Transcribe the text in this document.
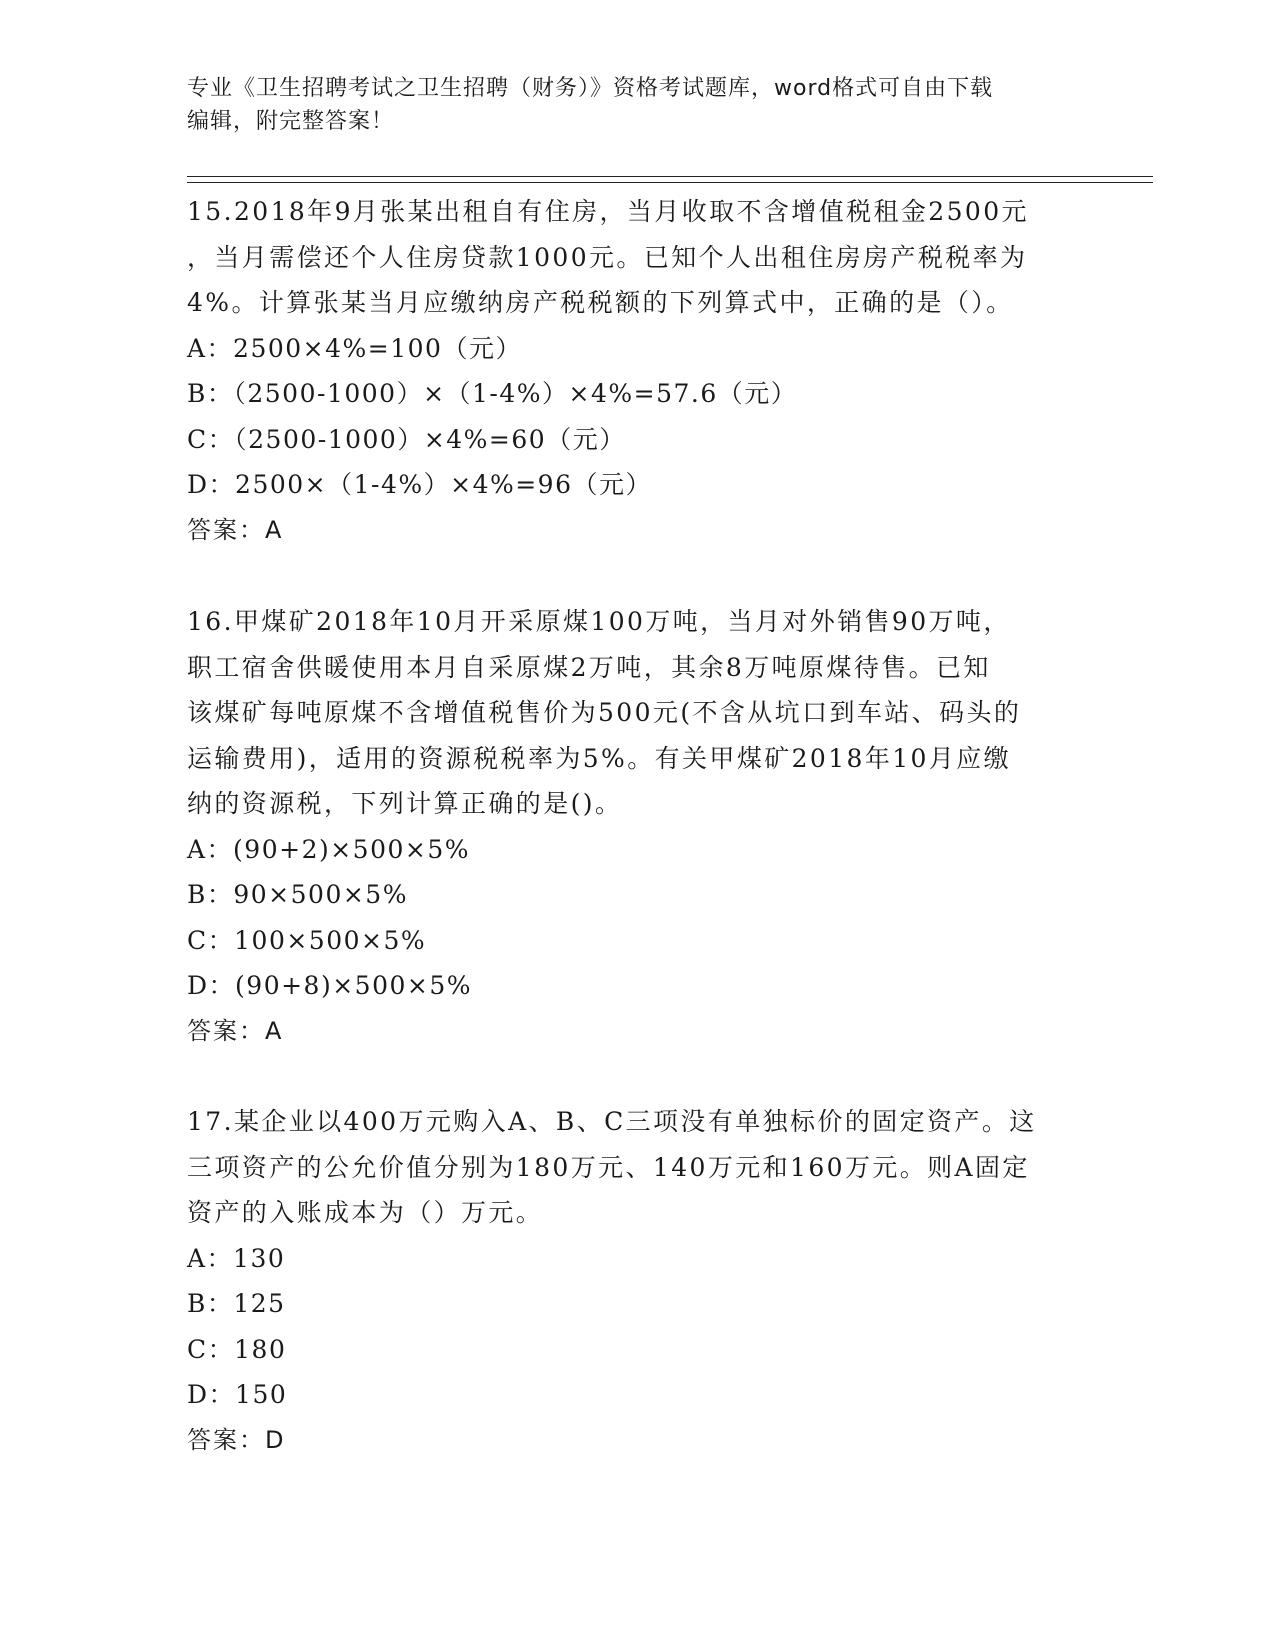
专业《卫生招聘考试之卫生招聘（财务）》资格考试题库，word格式可自由下载
编辑，附完整答案！
15.2018年9月张某出租自有住房，当月收取不含增值税租金2500元
，当月需偿还个人住房贷款1000元。已知个人出租住房房产税税率为
4%。计算张某当月应缴纳房产税税额的下列算式中，正确的是（）。
A：2500×4%=100（元）
B：（2500-1000）×（1-4%）×4%=57.6（元）
C：（2500-1000）×4%=60（元）
D：2500×（1-4%）×4%=96（元）
答案：A
16.甲煤矿2018年10月开采原煤100万吨，当月对外销售90万吨，
职工宿舍供暖使用本月自采原煤2万吨，其余8万吨原煤待售。已知
该煤矿每吨原煤不含增值税售价为500元(不含从坑口到车站、码头的
运输费用)，适用的资源税税率为5%。有关甲煤矿2018年10月应缴
纳的资源税，下列计算正确的是()。
A：(90+2)×500×5%
B：90×500×5%
C：100×500×5%
D：(90+8)×500×5%
答案：A
17.某企业以400万元购入A、B、C三项没有单独标价的固定资产。这
三项资产的公允价值分别为180万元、140万元和160万元。则A固定
资产的入账成本为（）万元。
A：130
B：125
C：180
D：150
答案：D
